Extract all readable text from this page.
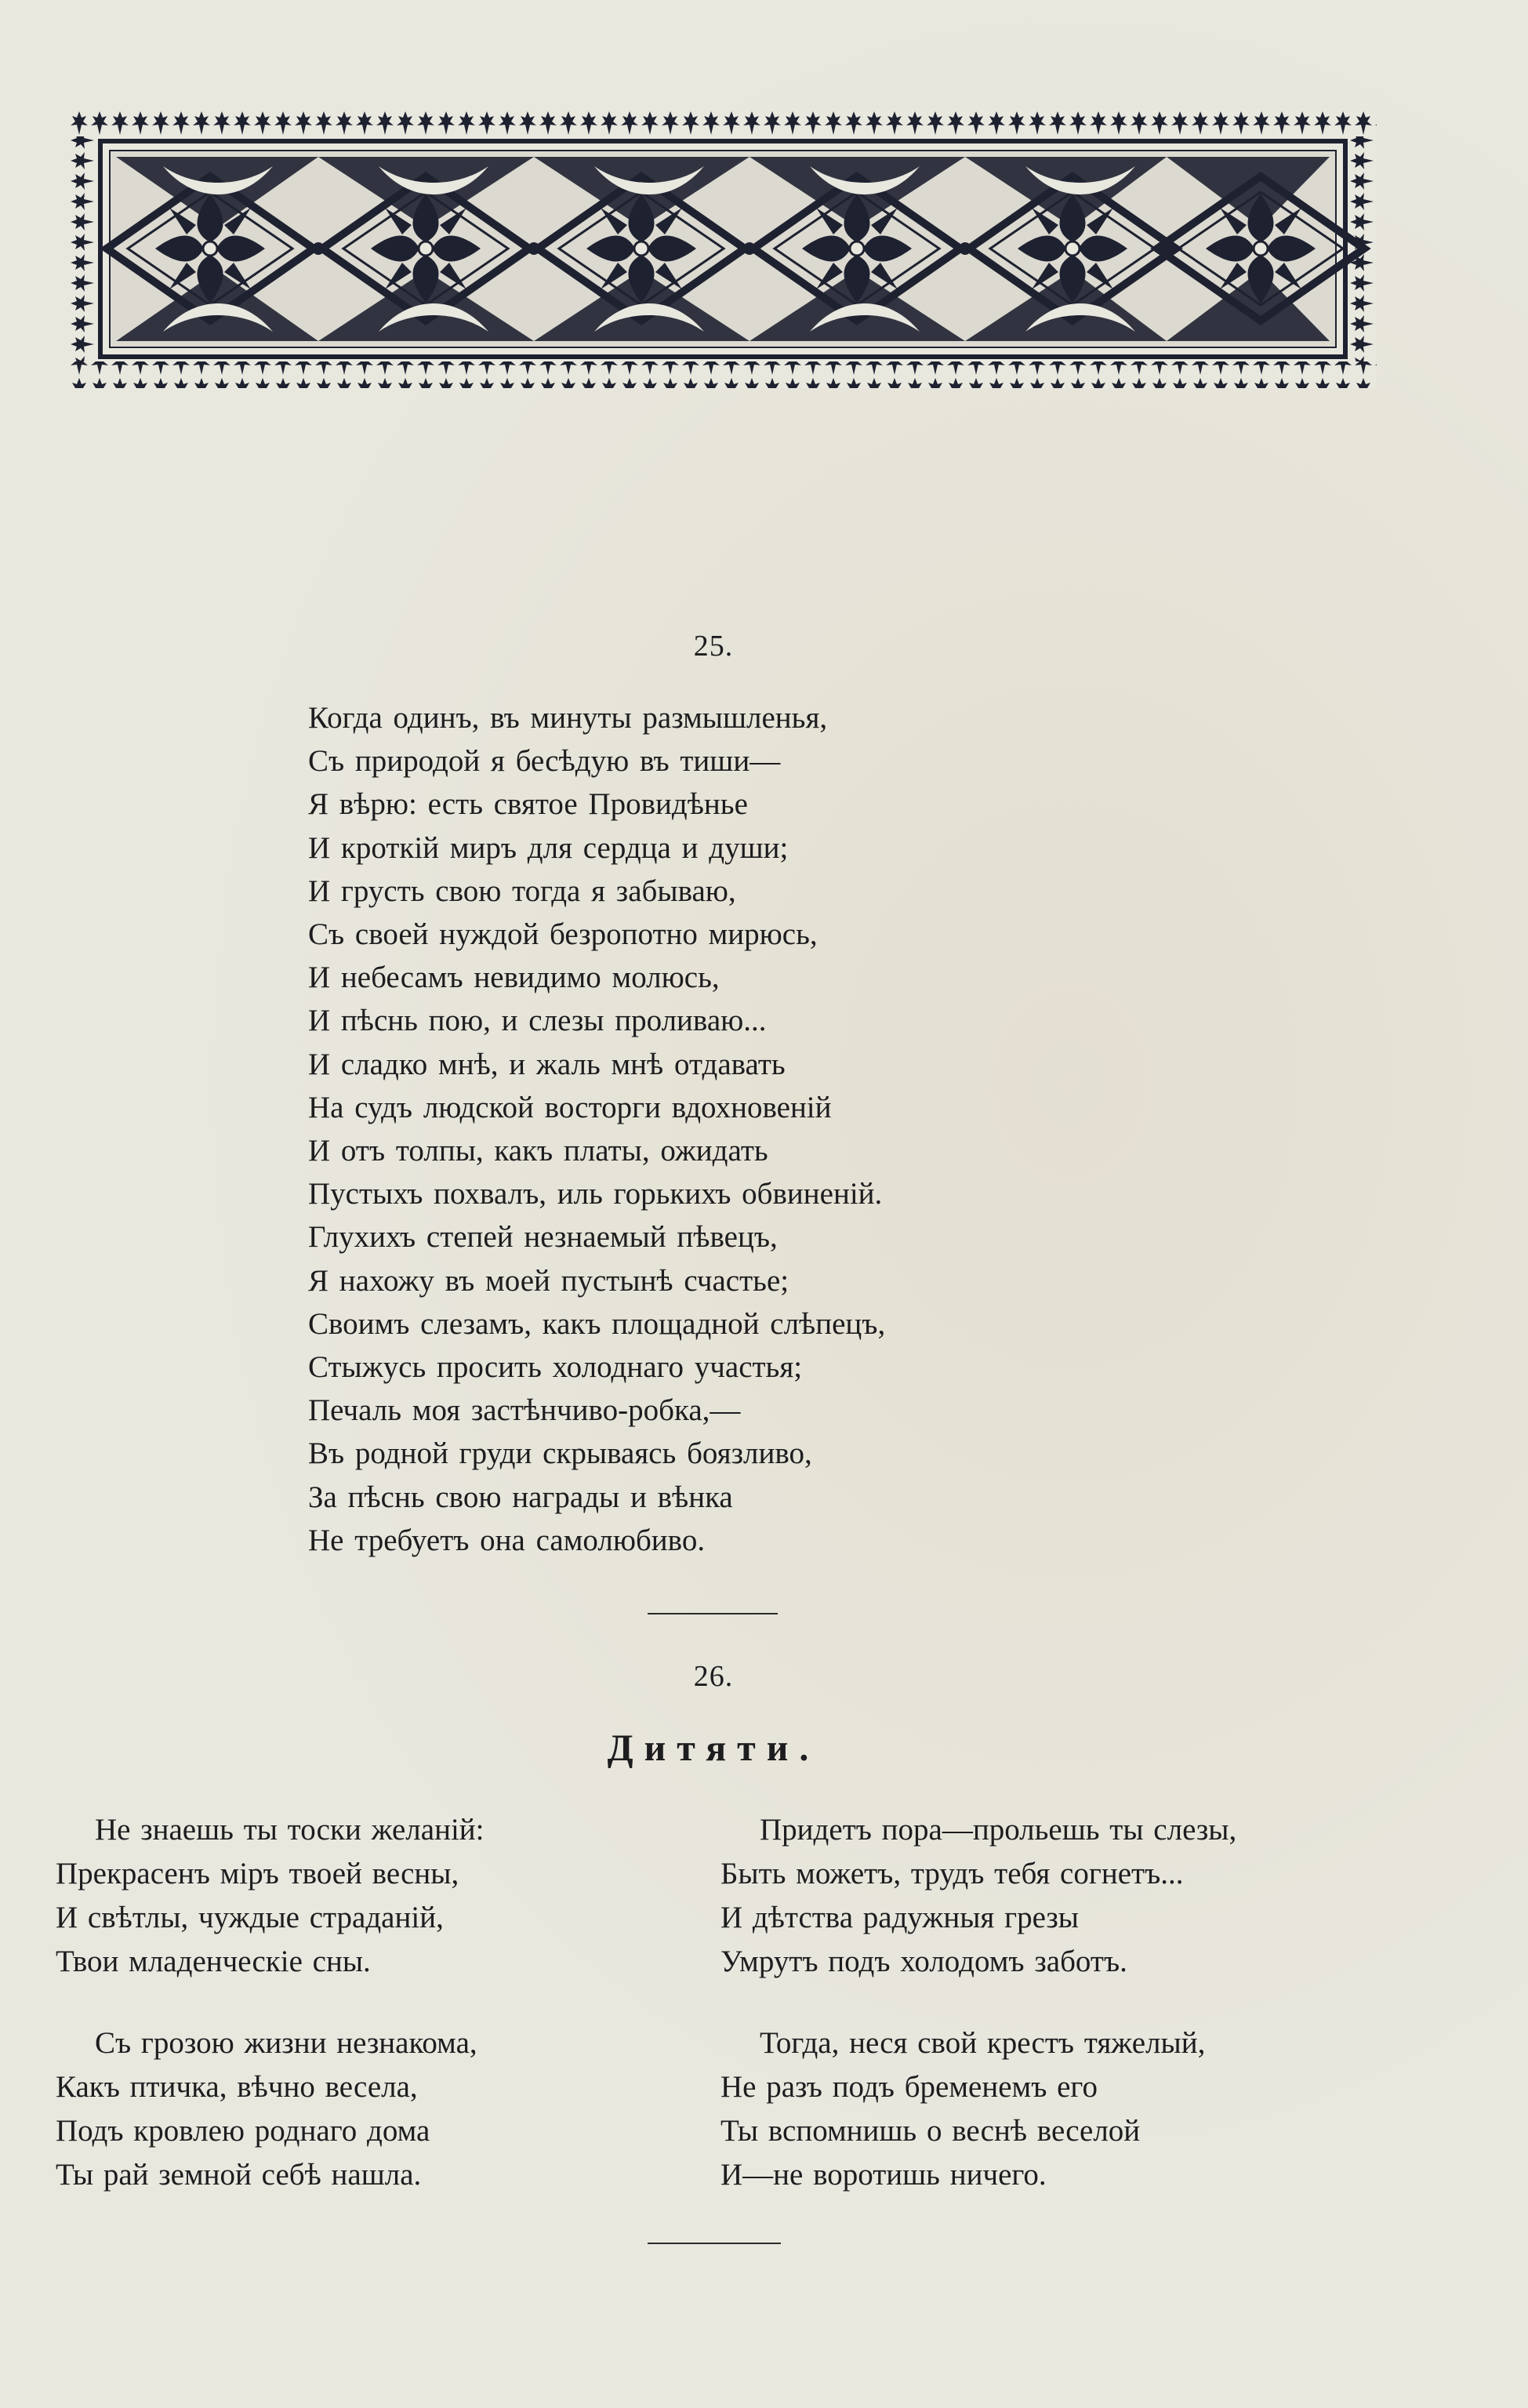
25.
Когда одинъ, въ минуты размышленья,
Съ природой я бесѣдую въ тиши—
Я вѣрю: есть святое Провидѣнье
И кроткій миръ для сердца и души;
И грусть свою тогда я забываю,
Съ своей нуждой безропотно мирюсь,
И небесамъ невидимо молюсь,
И пѣснь пою, и слезы проливаю...
И сладко мнѣ, и жаль мнѣ отдавать
На судъ людской восторги вдохновеній
И отъ толпы, какъ платы, ожидать
Пустыхъ похвалъ, иль горькихъ обвиненій.
Глухихъ степей незнаемый пѣвецъ,
Я нахожу въ моей пустынѣ счастье;
Своимъ слезамъ, какъ площадной слѣпецъ,
Стыжусь просить холоднаго участья;
Печаль моя застѣнчиво-робка,—
Въ родной груди скрываясь боязливо,
За пѣснь свою награды и вѣнка
Не требуетъ она самолюбиво.
26.
Дитяти.
Не знаешь ты тоски желаній:
Прекрасенъ міръ твоей весны,
И свѣтлы, чуждые страданій,
Твои младенческіе сны.
Придетъ пора—прольешь ты слезы,
Быть можетъ, трудъ тебя согнетъ...
И дѣтства радужныя грезы
Умрутъ подъ холодомъ заботъ.
Съ грозою жизни незнакома,
Какъ птичка, вѣчно весела,
Подъ кровлею роднаго дома
Ты рай земной себѣ нашла.
Тогда, неся свой крестъ тяжелый,
Не разъ подъ бременемъ его
Ты вспомнишь о веснѣ веселой
И—не воротишь ничего.
